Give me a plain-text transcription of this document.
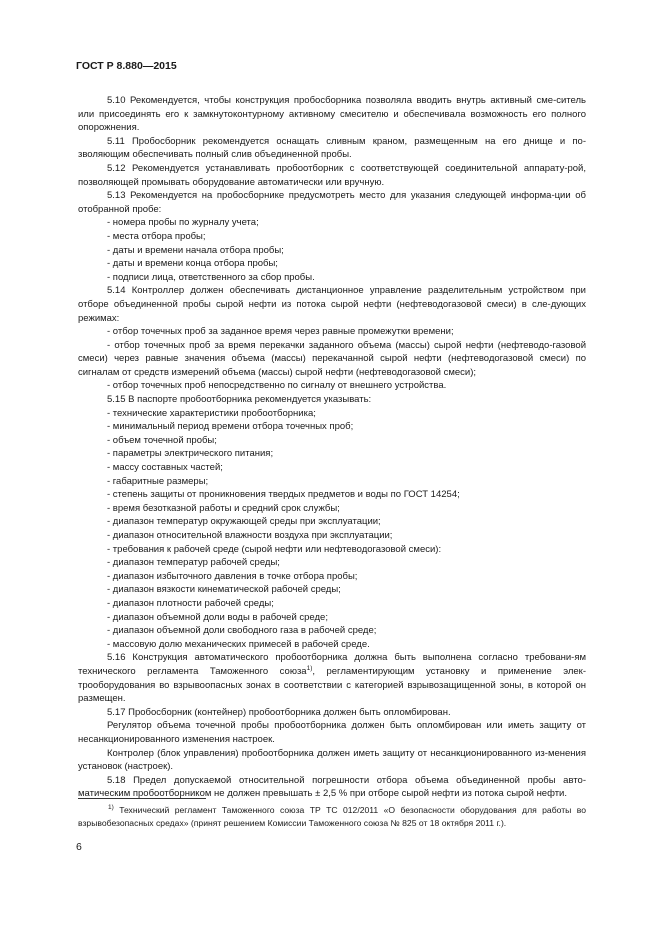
ГОСТ Р 8.880—2015

5.10 Рекомендуется, чтобы конструкция пробосборника позволяла вводить внутрь активный сме-ситель или присоединять его к замкнутоконтурному активному смесителю и обеспечивала возможность его полного опорожнения.

5.11 Пробосборник рекомендуется оснащать сливным краном, размещенным на его днище и по-зволяющим обеспечивать полный слив объединенной пробы.

5.12 Рекомендуется устанавливать пробоотборник с соответствующей соединительной аппарату-рой, позволяющей промывать оборудование автоматически или вручную.

5.13 Рекомендуется на пробосборнике предусмотреть место для указания следующей информа-ции об отобранной пробе:

- номера пробы по журналу учета;

- места отбора пробы;

- даты и времени начала отбора пробы;

- даты и времени конца отбора пробы;

- подписи лица, ответственного за сбор пробы.

5.14 Контроллер должен обеспечивать дистанционное управление разделительным устройством при отборе объединенной пробы сырой нефти из потока сырой нефти (нефтеводогазовой смеси) в сле-дующих режимах:

- отбор точечных проб за заданное время через равные промежутки времени;

- отбор точечных проб за время перекачки заданного объема (массы) сырой нефти (нефтеводо-газовой смеси) через равные значения объема (массы) перекачанной сырой нефти (нефтеводогазовой смеси) по сигналам от средств измерений объема (массы) сырой нефти (нефтеводогазовой смеси);

- отбор точечных проб непосредственно по сигналу от внешнего устройства.

5.15 В паспорте пробоотборника рекомендуется указывать:

- технические характеристики пробоотборника;

- минимальный период времени отбора точечных проб;

- объем точечной пробы;

- параметры электрического питания;

- массу составных частей;

- габаритные размеры;

- степень защиты от проникновения твердых предметов и воды по ГОСТ 14254;

- время безотказной работы и средний срок службы;

- диапазон температур окружающей среды при эксплуатации;

- диапазон относительной влажности воздуха при эксплуатации;

- требования к рабочей среде (сырой нефти или нефтеводогазовой смеси):

- диапазон температур рабочей среды;

- диапазон избыточного давления в точке отбора пробы;

- диапазон вязкости кинематической рабочей среды;

- диапазон плотности рабочей среды;

- диапазон объемной доли воды в рабочей среде;

- диапазон объемной доли свободного газа в рабочей среде;

- массовую долю механических примесей в рабочей среде.

5.16 Конструкция автоматического пробоотборника должна быть выполнена согласно требовани-ям технического регламента Таможенного союза$^{1)}$, регламентирующим установку и применение элек-трооборудования во взрывоопасных зонах в соответствии с категорией взрывозащищенной зоны, в которой он размещен.

5.17 Пробосборник (контейнер) пробоотборника должен быть опломбирован.

Регулятор объема точечной пробы пробоотборника должен быть опломбирован или иметь защиту от несанкционированного изменения настроек.

Контролер (блок управления) пробоотборника должен иметь защиту от несанкционированного из-менения установок (настроек).

5.18 Предел допускаемой относительной погрешности отбора объема объединенной пробы авто-матическим пробоотборником не должен превышать ± 2,5 % при отборе сырой нефти из потока сырой нефти.

$^{1)}$ Технический регламент Таможенного союза ТР ТС 012/2011 «О безопасности оборудования для работы во взрывобезопасных средах» (принят решением Комиссии Таможенного союза № 825 от 18 октября 2011 г.).

6
